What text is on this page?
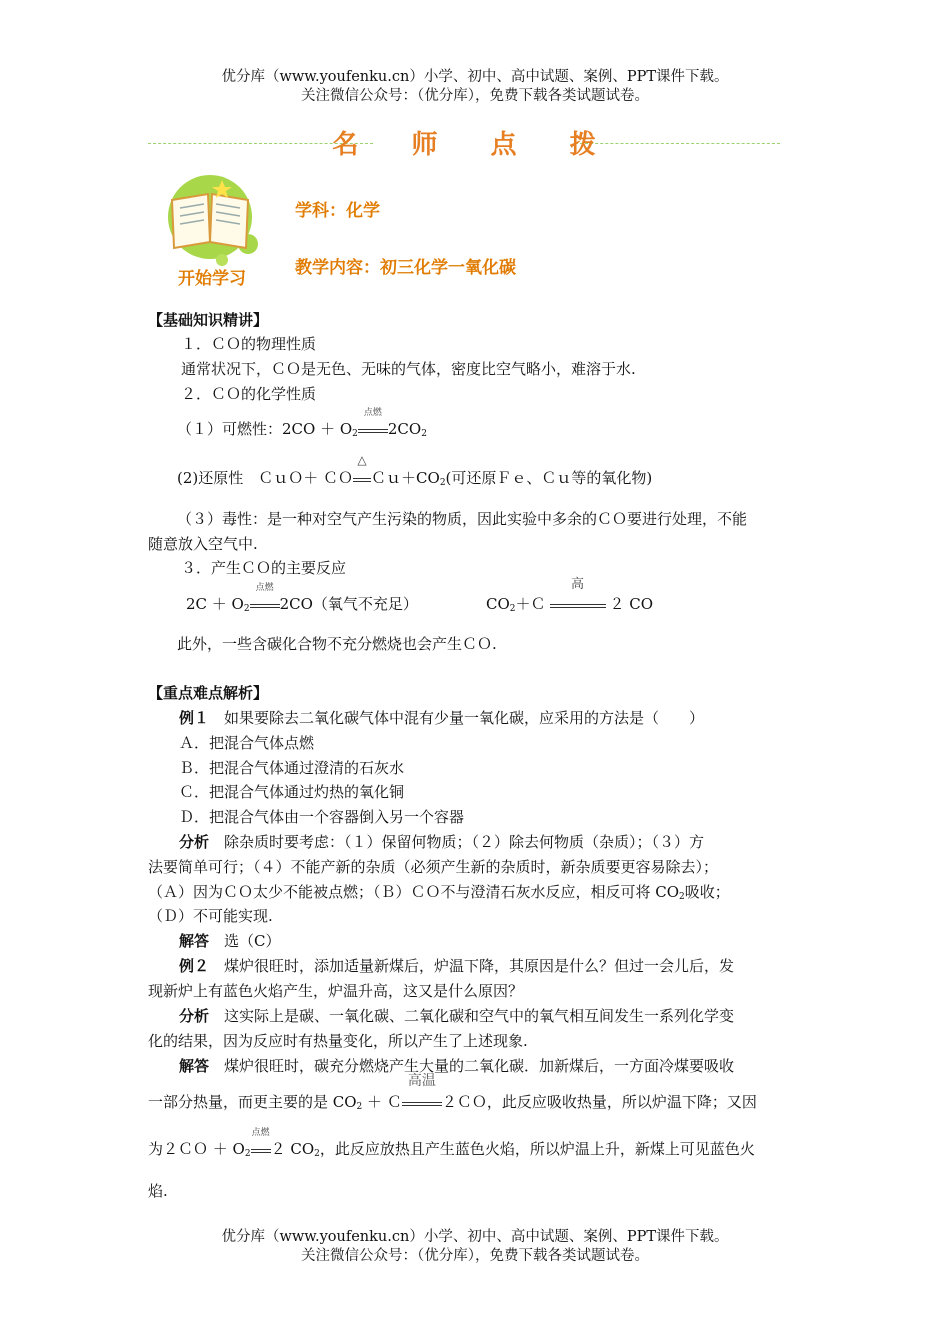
优分库（www.youfenku.cn）小学、初中、高中试题、案例、PPT课件下载。
关注微信公众号：（优分库），免费下载各类试题试卷。
名 师 点 拨
开始学习
学科：化学
教学内容：初三化学一氧化碳
【基础知识精讲】
１．ＣＯ的物理性质
通常状况下，ＣＯ是无色、无味的气体，密度比空气略小，难溶于水.
２．ＣＯ的化学性质
（１）可燃性：$2CO + O_2$
点燃
$2CO_2$
(2)还原性　ＣｕＯ＋ ＣＯ
△
$Cu+CO_2$(可还原Ｆｅ、Ｃｕ等的氧化物)
（３）毒性：是一种对空气产生污染的物质，因此实验中多余的ＣＯ要进行处理，不能
随意放入空气中.
３．产生ＣＯ的主要反应
$2C + O_2$
点燃
2CO（氧气不充足）	$CO_2+C$
高
２ CO
此外，一些含碳化合物不充分燃烧也会产生ＣＯ.
【重点难点解析】
例１　 如果要除去二氧化碳气体中混有少量一氧化碳，应采用的方法是（　　）
Ａ．把混合气体点燃
Ｂ．把混合气体通过澄清的石灰水
Ｃ．把混合气体通过灼热的氧化铜
Ｄ．把混合气体由一个容器倒入另一个容器
分析　 除杂质时要考虑：（１）保留何物质；（２）除去何物质（杂质）；（３）方
法要简单可行；（４）不能产新的杂质（必须产生新的杂质时，新杂质要更容易除去）；
（Ａ）因为ＣＯ太少不能被点燃；（Ｂ）ＣＯ不与澄清石灰水反应，相反可将 $CO_2$吸收；
（Ｄ）不可能实现.
解答　 选（C）
例２　 煤炉很旺时，添加适量新煤后，炉温下降，其原因是什么？但过一会儿后，发
现新炉上有蓝色火焰产生，炉温升高，这又是什么原因？
分析　 这实际上是碳、一氧化碳、二氧化碳和空气中的氧气相互间发生一系列化学变
化的结果，因为反应时有热量变化，所以产生了上述现象.
解答　 煤炉很旺时，碳充分燃烧产生大量的二氧化碳．加新煤后，一方面冷煤要吸收
一部分热量，而更主要的是 $CO_2$ ＋ Ｃ
高温
２ＣＯ，此反应吸收热量，所以炉温下降；又因
为２ＣＯ ＋ $O_2$
点燃
２ $CO_2$，此反应放热且产生蓝色火焰，所以炉温上升，新煤上可见蓝色火
焰.
优分库（www.youfenku.cn）小学、初中、高中试题、案例、PPT课件下载。
关注微信公众号：（优分库），免费下载各类试题试卷。
